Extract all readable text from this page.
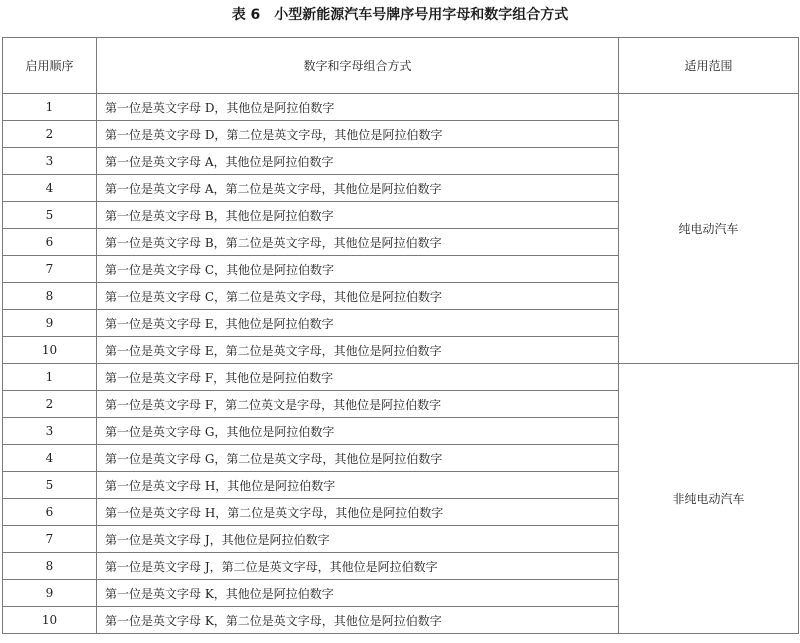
表 6　小型新能源汽车号牌序号用字母和数字组合方式
启用顺序	数字和字母组合方式	适用范围
1	第一位是英文字母 D，其他位是阿拉伯数字	纯电动汽车
2	第一位是英文字母 D，第二位是英文字母，其他位是阿拉伯数字	
3	第一位是英文字母 A，其他位是阿拉伯数字	
4	第一位是英文字母 A，第二位是英文字母，其他位是阿拉伯数字	
5	第一位是英文字母 B，其他位是阿拉伯数字	
6	第一位是英文字母 B，第二位是英文字母，其他位是阿拉伯数字	
7	第一位是英文字母 C，其他位是阿拉伯数字	
8	第一位是英文字母 C，第二位是英文字母，其他位是阿拉伯数字	
9	第一位是英文字母 E，其他位是阿拉伯数字	
10	第一位是英文字母 E，第二位是英文字母，其他位是阿拉伯数字	
1	第一位是英文字母 F，其他位是阿拉伯数字	非纯电动汽车
2	第一位是英文字母 F，第二位英文是字母，其他位是阿拉伯数字	
3	第一位是英文字母 G，其他位是阿拉伯数字	
4	第一位是英文字母 G，第二位是英文字母，其他位是阿拉伯数字	
5	第一位是英文字母 H，其他位是阿拉伯数字	
6	第一位是英文字母 H，第二位是英文字母，其他位是阿拉伯数字	
7	第一位是英文字母 J，其他位是阿拉伯数字	
8	第一位是英文字母 J，第二位是英文字母，其他位是阿拉伯数字	
9	第一位是英文字母 K，其他位是阿拉伯数字	
10	第一位是英文字母 K，第二位是英文字母，其他位是阿拉伯数字	
